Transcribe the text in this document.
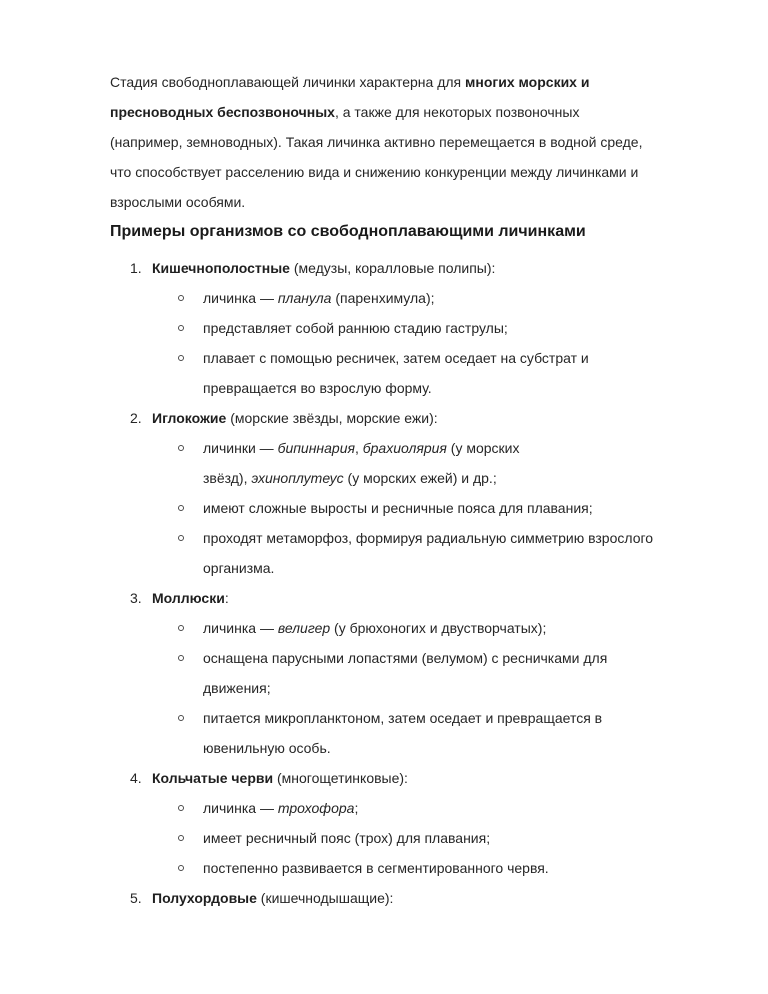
Стадия свободноплавающей личинки характерна для многих морских и
пресноводных беспозвоночных, а также для некоторых позвоночных
(например, земноводных). Такая личинка активно перемещается в водной среде,
что способствует расселению вида и снижению конкуренции между личинками и
взрослыми особями.

Примеры организмов со свободноплавающими личинками
1. Кишечнополостные (медузы, коралловые полипы):

личинка — планула (паренхимула);

представляет собой раннюю стадию гаструлы;

плавает с помощью ресничек, затем оседает на субстрат и
превращается во взрослую форму.

2. Иглокожие (морские звёзды, морские ежи):

личинки — бипиннария, брахиолярия (у морских
звёзд), эхиноплутеус (у морских ежей) и др.;

имеют сложные выросты и ресничные пояса для плавания;

проходят метаморфоз, формируя радиальную симметрию взрослого
организма.

3. Моллюски:

личинка — велигер (у брюхоногих и двустворчатых);

оснащена парусными лопастями (велумом) с ресничками для
движения;

питается микропланктоном, затем оседает и превращается в
ювенильную особь.

4. Кольчатые черви (многощетинковые):

личинка — трохофора;

имеет ресничный пояс (трох) для плавания;

постепенно развивается в сегментированного червя.

5. Полухордовые (кишечнодышащие):
